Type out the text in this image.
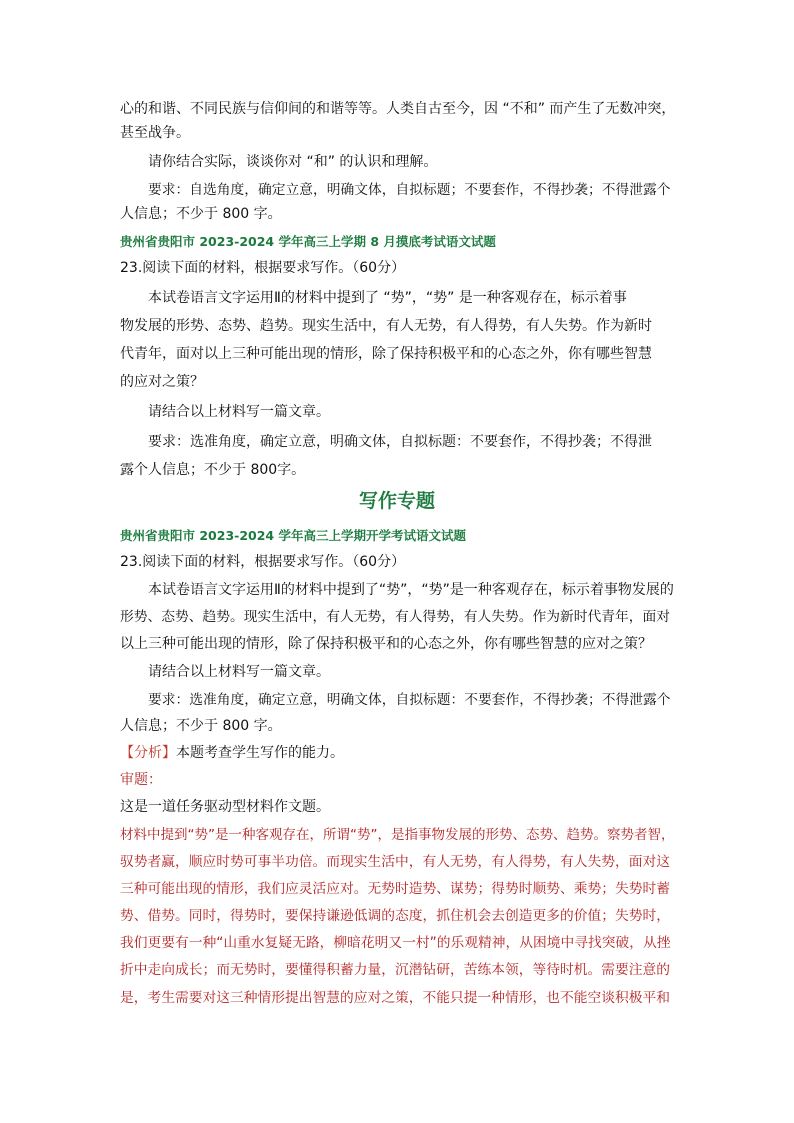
心的和谐、不同民族与信仰间的和谐等等。人类自古至今，因 “不和” 而产生了无数冲突，
甚至战争。
请你结合实际，谈谈你对 “和” 的认识和理解。
要求：自选角度，确定立意，明确文体，自拟标题；不要套作，不得抄袭；不得泄露个
人信息；不少于 800 字。
贵州省贵阳市 2023-2024 学年高三上学期 8 月摸底考试语文试题
23.阅读下面的材料，根据要求写作。（60分）
本试卷语言文字运用Ⅱ的材料中提到了 “势”，“势” 是一种客观存在，标示着事
物发展的形势、态势、趋势。现实生活中，有人无势，有人得势，有人失势。作为新时
代青年，面对以上三种可能出现的情形，除了保持积极平和的心态之外，你有哪些智慧
的应对之策？
请结合以上材料写一篇文章。
要求：选准角度，确定立意，明确文体，自拟标题：不要套作，不得抄袭；不得泄
露个人信息；不少于 800字。
写作专题
贵州省贵阳市 2023-2024 学年高三上学期开学考试语文试题
23.阅读下面的材料，根据要求写作。（60分）
本试卷语言文字运用Ⅱ的材料中提到了“势”，“势”是一种客观存在，标示着事物发展的
形势、态势、趋势。现实生活中，有人无势，有人得势，有人失势。作为新时代青年，面对
以上三种可能出现的情形，除了保持积极平和的心态之外，你有哪些智慧的应对之策？
请结合以上材料写一篇文章。
要求：选准角度，确定立意，明确文体，自拟标题：不要套作，不得抄袭；不得泄露个
人信息；不少于 800 字。
【分析】本题考查学生写作的能力。
审题：
这是一道任务驱动型材料作文题。
材料中提到“势”是一种客观存在，所谓“势”，是指事物发展的形势、态势、趋势。察势者智，
驭势者赢，顺应时势可事半功倍。而现实生活中，有人无势，有人得势，有人失势，面对这
三种可能出现的情形，我们应灵活应对。无势时造势、谋势；得势时顺势、乘势；失势时蓄
势、借势。同时，得势时，要保持谦逊低调的态度，抓住机会去创造更多的价值；失势时，
我们更要有一种“山重水复疑无路，柳暗花明又一村”的乐观精神，从困境中寻找突破，从挫
折中走向成长；而无势时，要懂得积蓄力量，沉潜钻研，苦练本领，等待时机。需要注意的
是，考生需要对这三种情形提出智慧的应对之策，不能只提一种情形，也不能空谈积极平和
